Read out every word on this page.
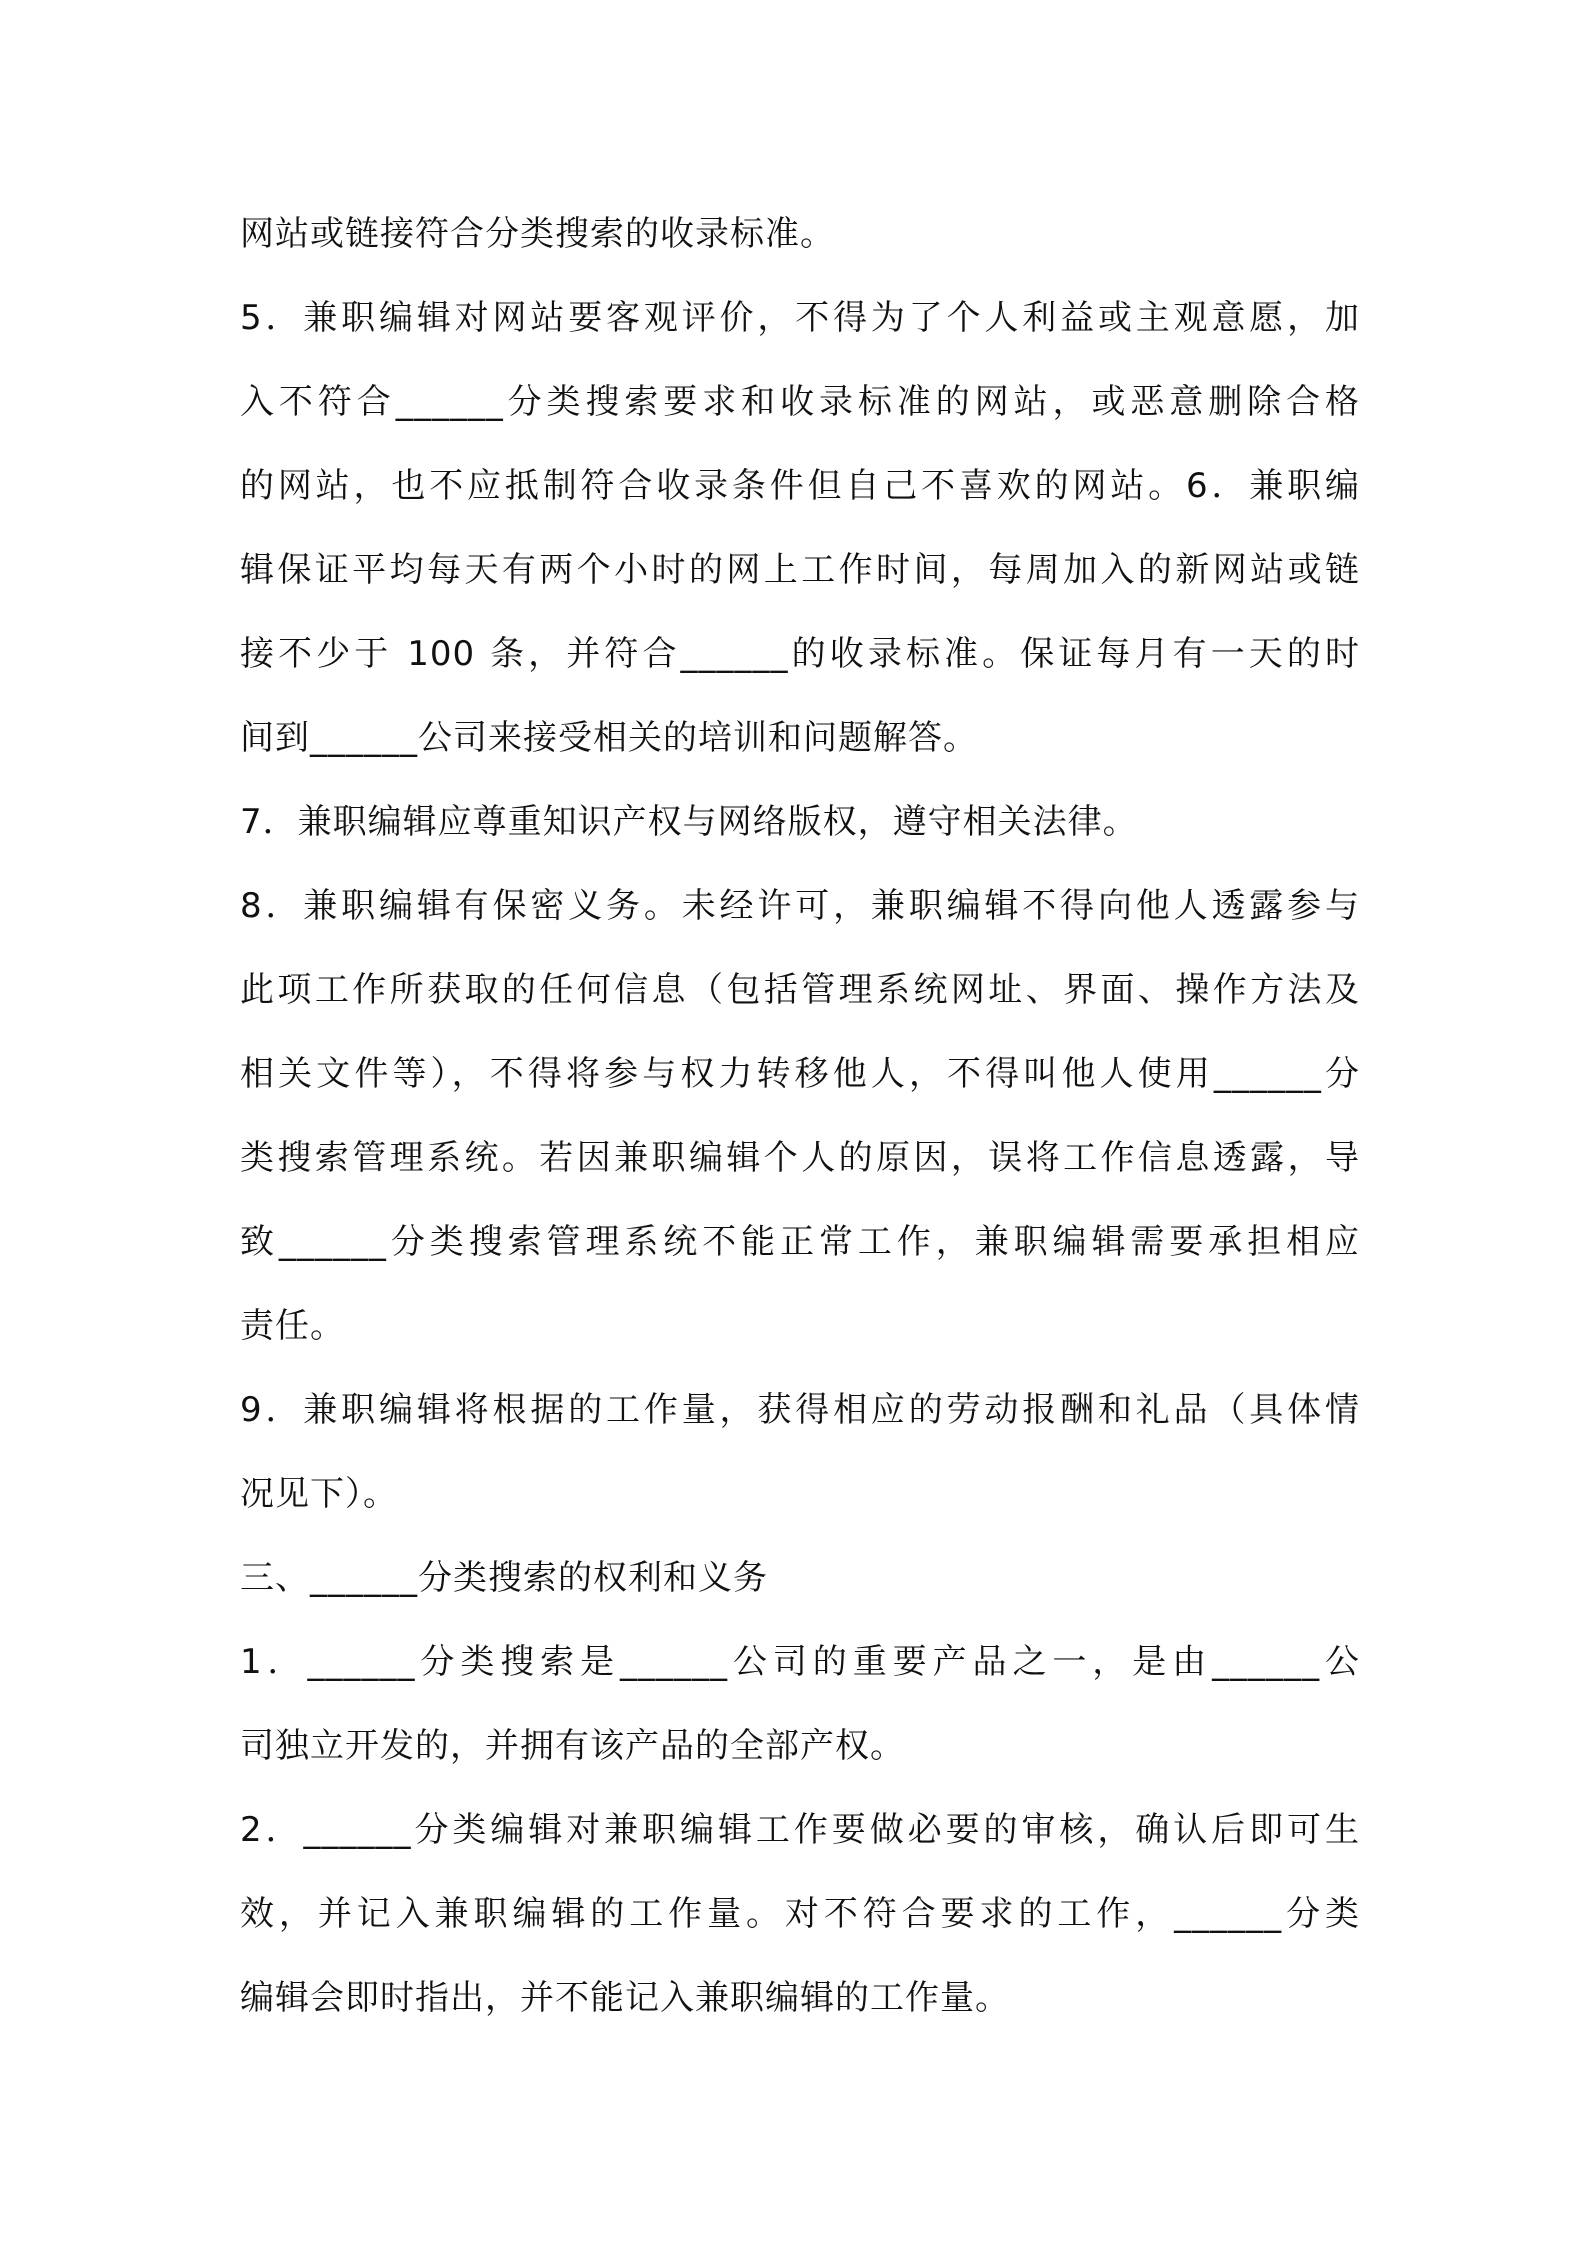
网站或链接符合分类搜索的收录标准。
5．兼职编辑对网站要客观评价，不得为了个人利益或主观意愿，加
入不符合______分类搜索要求和收录标准的网站，或恶意删除合格
的网站，也不应抵制符合收录条件但自己不喜欢的网站。6．兼职编
辑保证平均每天有两个小时的网上工作时间，每周加入的新网站或链
接不少于 100 条，并符合______的收录标准。保证每月有一天的时
间到______公司来接受相关的培训和问题解答。
7．兼职编辑应尊重知识产权与网络版权，遵守相关法律。
8．兼职编辑有保密义务。未经许可，兼职编辑不得向他人透露参与
此项工作所获取的任何信息（包括管理系统网址、界面、操作方法及
相关文件等），不得将参与权力转移他人，不得叫他人使用______分
类搜索管理系统。若因兼职编辑个人的原因，误将工作信息透露，导
致______分类搜索管理系统不能正常工作，兼职编辑需要承担相应
责任。
9．兼职编辑将根据的工作量，获得相应的劳动报酬和礼品（具体情
况见下）。
三、______分类搜索的权利和义务
1．______分类搜索是______公司的重要产品之一，是由______公
司独立开发的，并拥有该产品的全部产权。
2．______分类编辑对兼职编辑工作要做必要的审核，确认后即可生
效，并记入兼职编辑的工作量。对不符合要求的工作，______分类
编辑会即时指出，并不能记入兼职编辑的工作量。
